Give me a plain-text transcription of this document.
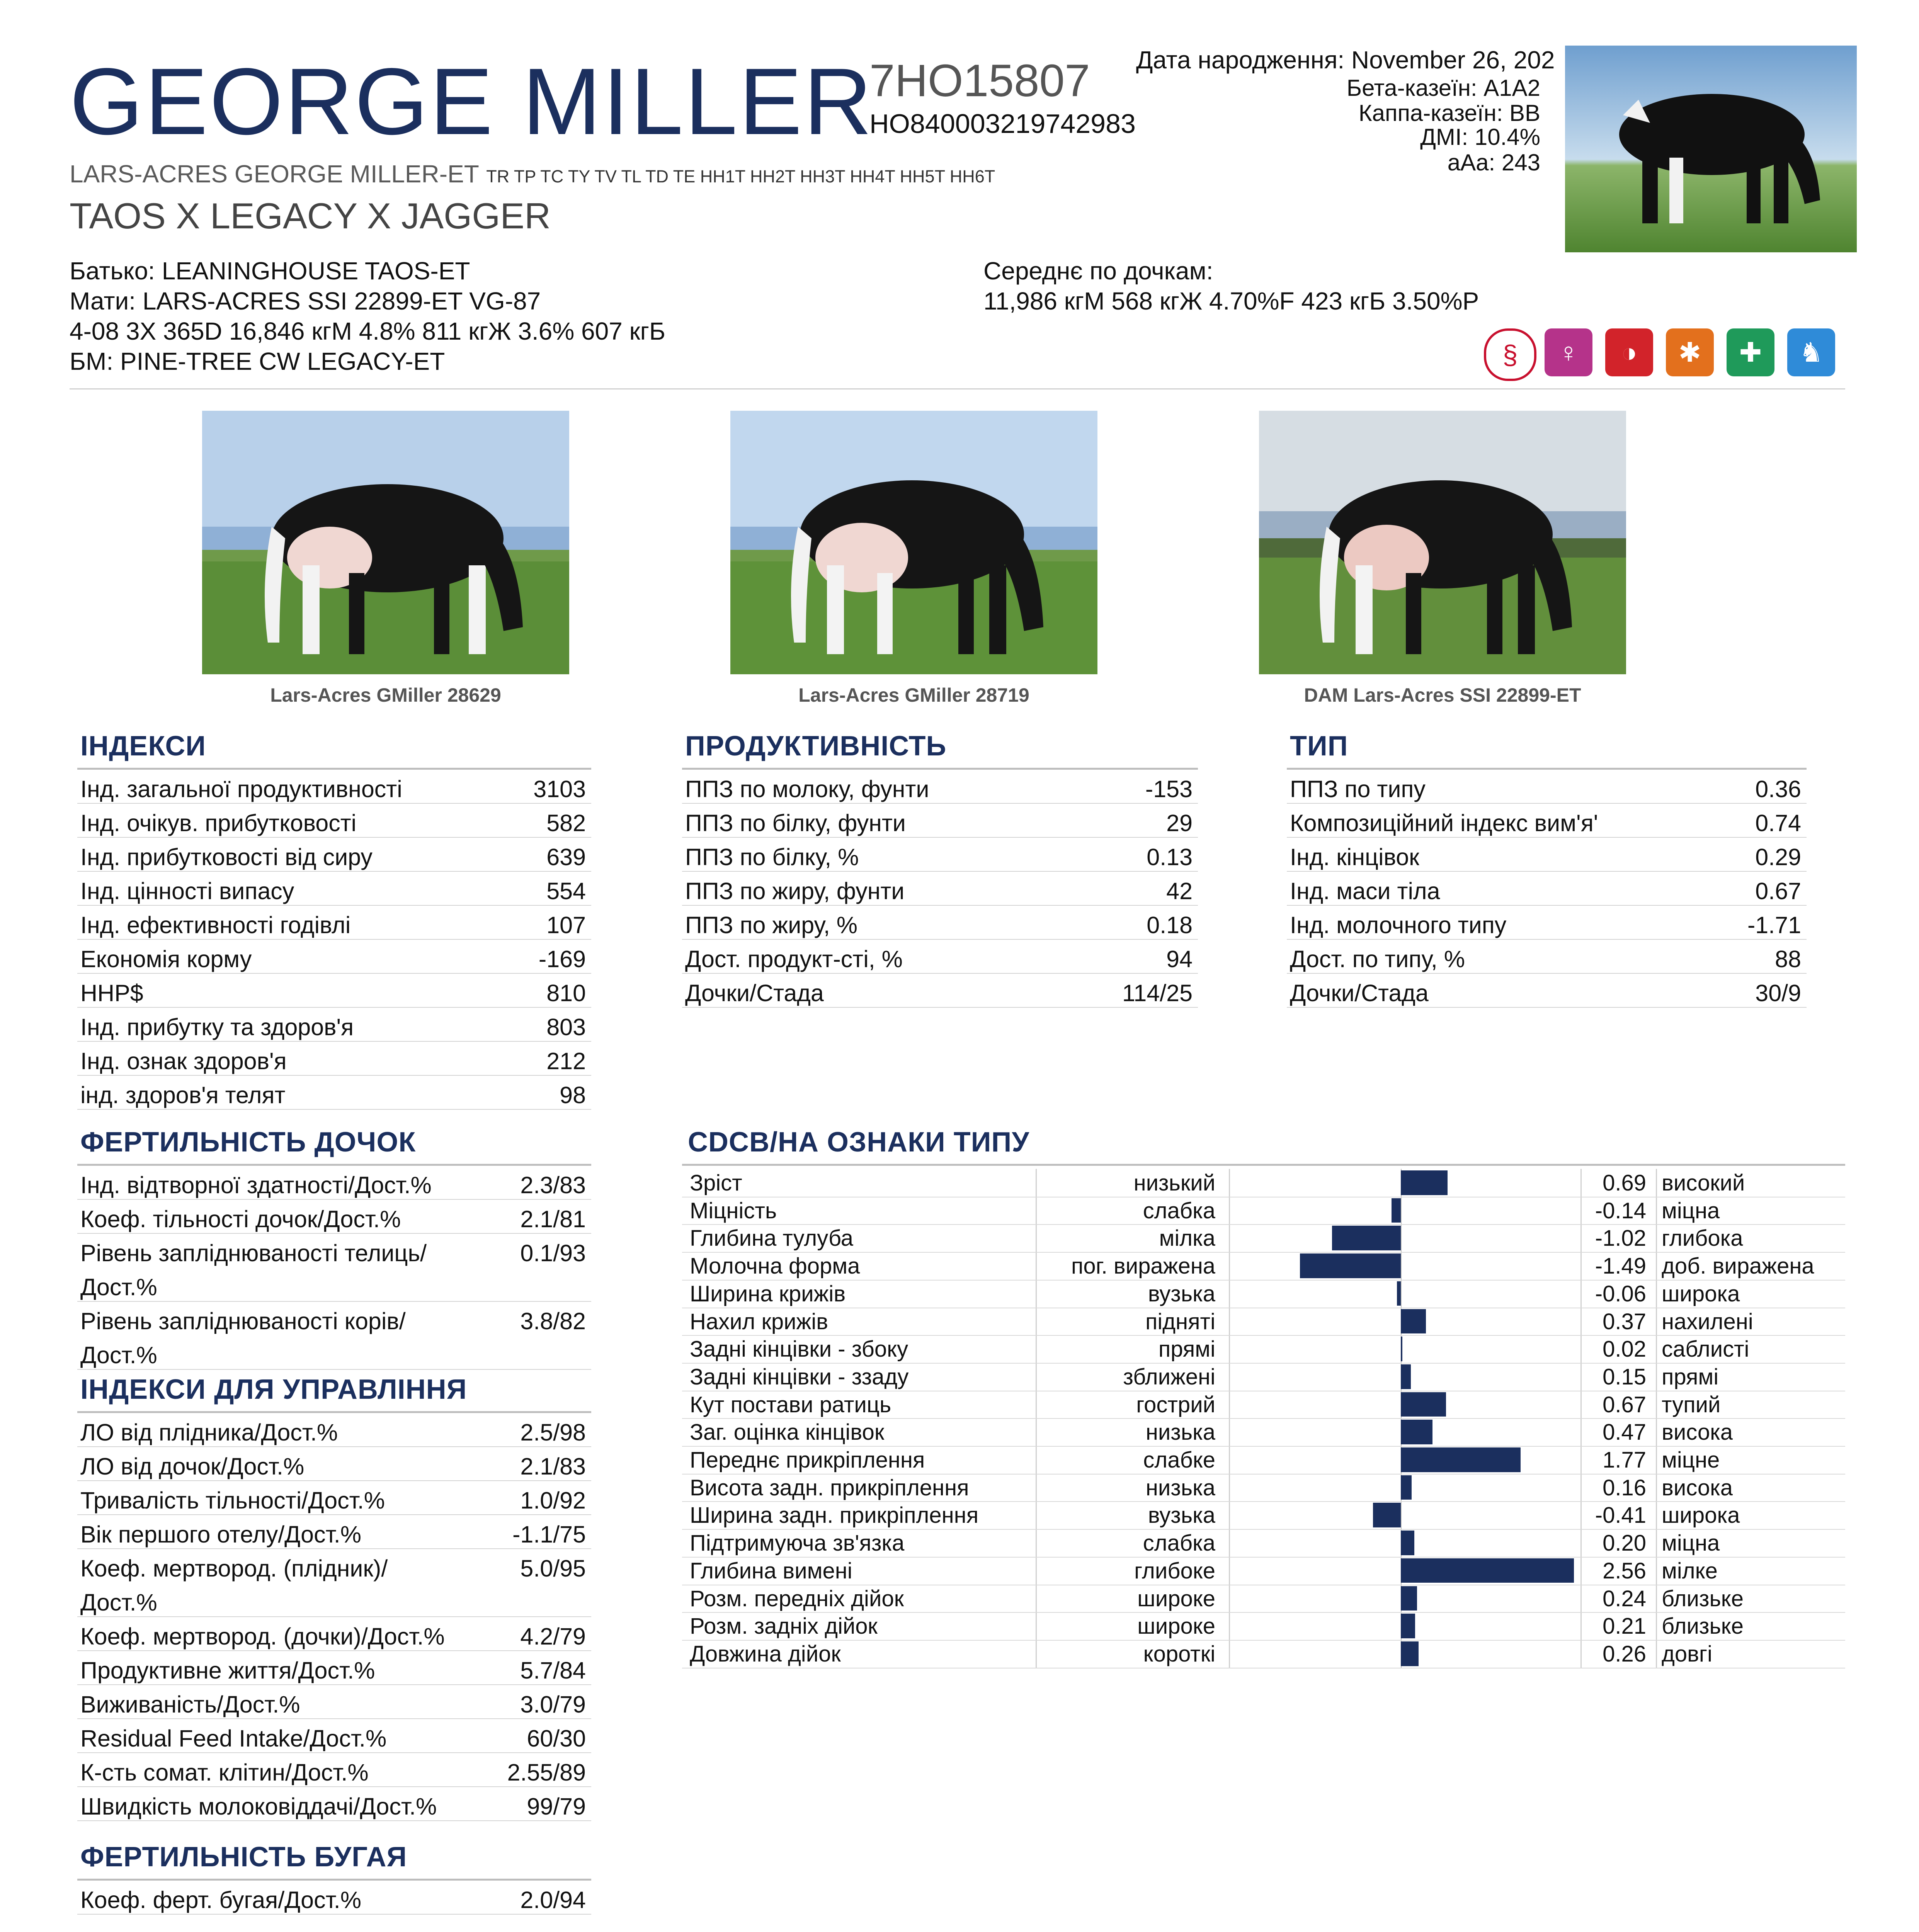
GEORGE MILLER
7HO15807
HO840003219742983
LARS-ACRES GEORGE MILLER-ET TR TP TC TY TV TL TD TE HH1T HH2T HH3T HH4T HH5T HH6T
TAOS X LEGACY X JAGGER
Дата народження: November 26, 202
Бета-казеїн: A1A2
Каппа-казеїн: BB
ДМІ: 10.4%
aAa: 243
Батько: LEANINGHOUSE TAOS-ET
Мати: LARS-ACRES SSI 22899-ET VG-87
4-08 3X 365D 16,846 кгМ 4.8% 811 кгЖ 3.6% 607 кгБ
БМ: PINE-TREE CW LEGACY-ET
Середнє по дочкам:
11,986 кгМ 568 кгЖ 4.70%F 423 кгБ 3.50%P
§	♀	◑	✱	✚	♞
Lars-Acres GMiller 28629	Lars-Acres GMiller 28719	DAM Lars-Acres SSI 22899-ET
ІНДЕКСИ
Інд. загальної продуктивності	3103
Інд. очікув. прибутковості	582
Інд. прибутковості від сиру	639
Інд. цінності випасу	554
Інд. ефективності годівлі	107
Економія корму	-169
HHP$	810
Інд. прибутку та здоров'я	803
Інд. ознак здоров'я	212
інд. здоров'я телят	98
ПРОДУКТИВНІСТЬ
ППЗ по молоку, фунти	-153
ППЗ по білку, фунти	29
ППЗ по білку, %	0.13
ППЗ по жиру, фунти	42
ППЗ по жиру, %	0.18
Дост. продукт-сті, %	94
Дочки/Стада	114/25
ТИП
ППЗ по типу	0.36
Композиційний індекс вим'я'	0.74
Інд. кінцівок	0.29
Інд. маси тіла	0.67
Інд. молочного типу	-1.71
Дост. по типу, %	88
Дочки/Стада	30/9
ФЕРТИЛЬНІСТЬ ДОЧОК
Інд. відтворної здатності/Дост.%	2.3/83
Коеф. тільності дочок/Дост.%	2.1/81
Рівень запліднюваності телиць/
Дост.%
0.1/93
Рівень запліднюваності корів/
Дост.%
3.8/82
ІНДЕКСИ ДЛЯ УПРАВЛІННЯ
ЛО від плідника/Дост.%	2.5/98
ЛО від дочок/Дост.%	2.1/83
Тривалість тільності/Дост.%	1.0/92
Вік першого отелу/Дост.%	-1.1/75
Коеф. мертвород. (плідник)/
Дост.%
5.0/95
Коеф. мертвород. (дочки)/Дост.%	4.2/79
Продуктивне життя/Дост.%	5.7/84
Виживаність/Дост.%	3.0/79
Residual Feed Intake/Дост.%	60/30
К-сть сомат. клітин/Дост.%	2.55/89
Швидкість молоковіддачі/Дост.%	99/79
ФЕРТИЛЬНІСТЬ БУГАЯ
Коеф. ферт. бугая/Дост.%	2.0/94
CDCB/НА ОЗНАКИ ТИПУ
Зріст	низький	0.69 високий
Міцність	слабка	-0.14 міцна
Глибина тулуба	мілка	-1.02 глибока
Молочна форма	пог. виражена	-1.49 доб. виражена
Ширина крижів	вузька	-0.06 широка
Нахил крижів	підняті	0.37 нахилені
Задні кінцівки - збоку	прямі	0.02 саблисті
Задні кінцівки - ззаду	зближені	0.15 прямі
Кут постави ратиць	гострий	0.67 тупий
Заг. оцінка кінцівок	низька	0.47 висока
Переднє прикріплення	слабке	1.77 міцне
Висота задн. прикріплення	низька	0.16 висока
Ширина задн. прикріплення	вузька	-0.41 широка
Підтримуюча зв'язка	слабка	0.20 міцна
Глибина вимені	глибоке	2.56 мілке
Розм. передніх дійок	широке	0.24 близьке
Розм. задніх дійок	широке	0.21 близьке
Довжина дійок	короткі	0.26 довгі
